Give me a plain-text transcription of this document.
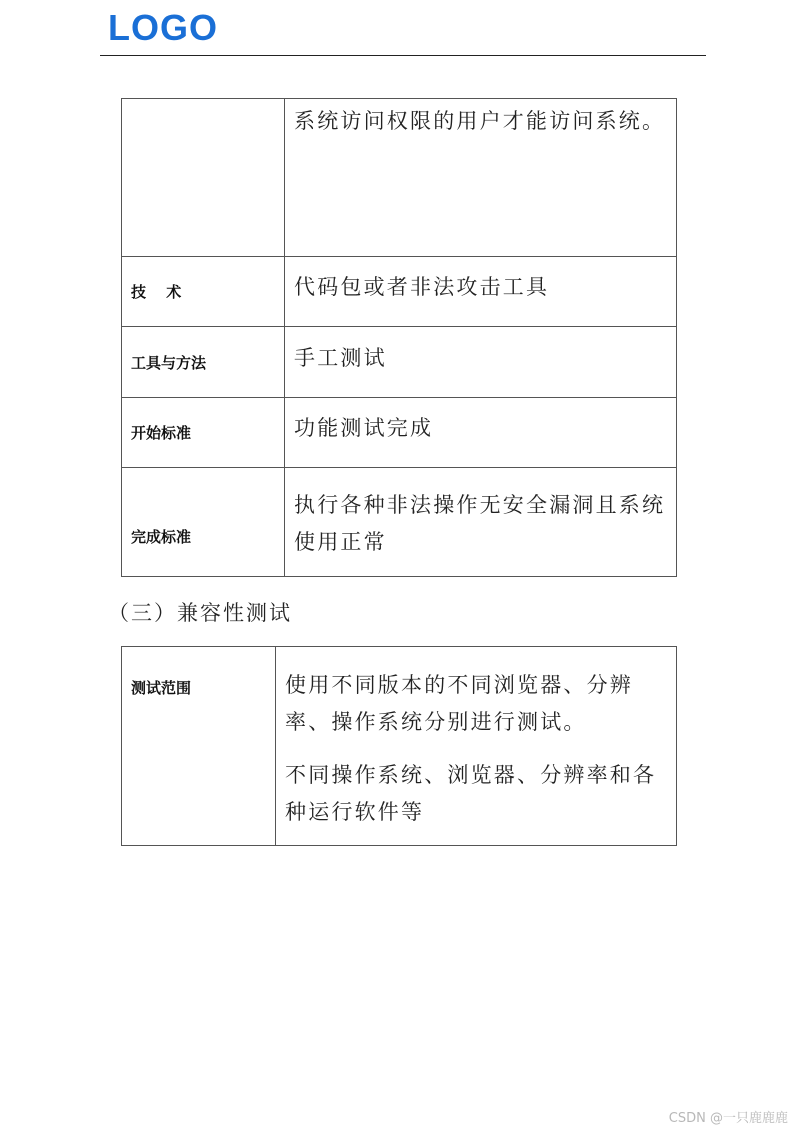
LOGO

	系统访问权限的用户才能访问系统。

技　 术	代码包或者非法攻击工具

工具与方法	手工测试

开始标准	功能测试完成

完成标准	执行各种非法操作无安全漏洞且系统使用正常

（三）兼容性测试

测试范围	使用不同版本的不同浏览器、分辨率、操作系统分别进行测试。

不同操作系统、浏览器、分辨率和各种运行软件等

CSDN @一只鹿鹿鹿
